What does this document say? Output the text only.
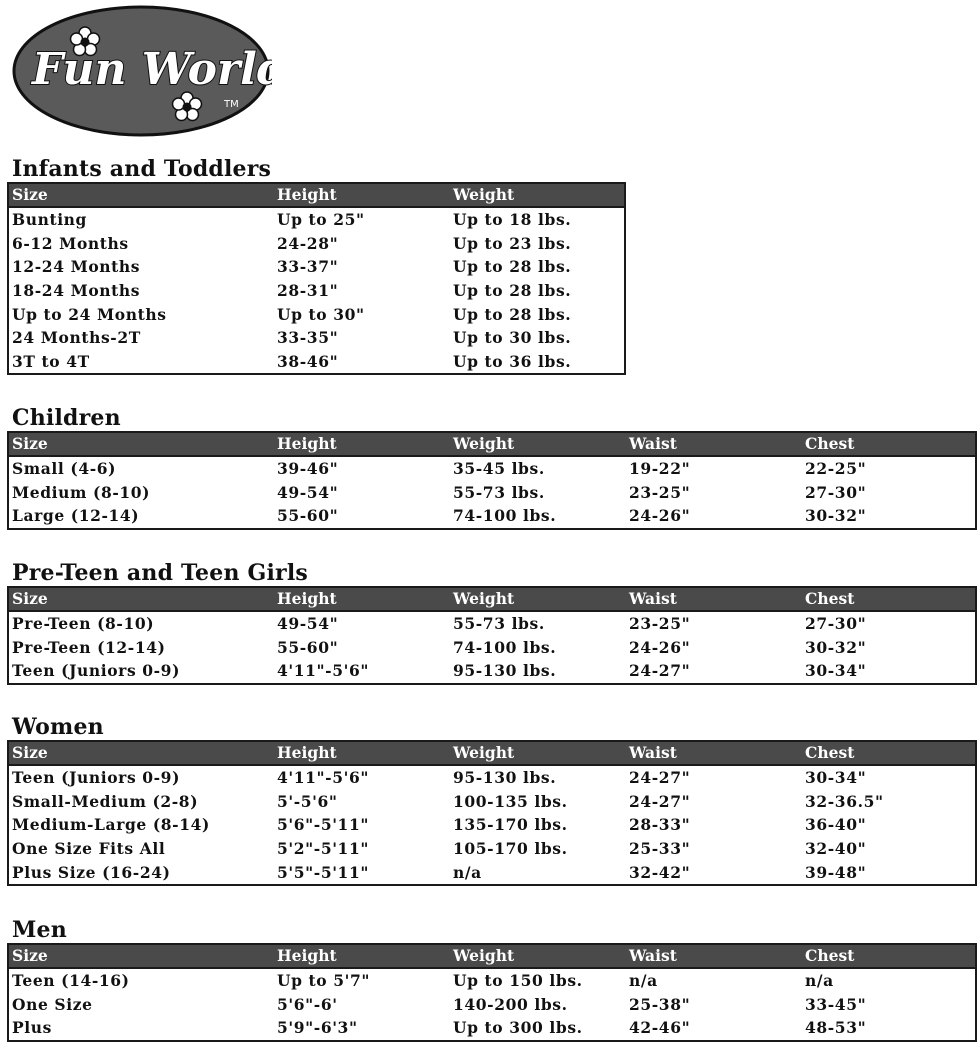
Fun World
TM
Infants and Toddlers
Size	Height	Weight
Bunting	Up to 25"	Up to 18 lbs.
6-12 Months	24-28"	Up to 23 lbs.
12-24 Months	33-37"	Up to 28 lbs.
18-24 Months	28-31"	Up to 28 lbs.
Up to 24 Months	Up to 30"	Up to 28 lbs.
24 Months-2T	33-35"	Up to 30 lbs.
3T to 4T	38-46"	Up to 36 lbs.
Children
Size	Height	Weight	Waist	Chest
Small (4-6)	39-46"	35-45 lbs.	19-22"	22-25"
Medium (8-10)	49-54"	55-73 lbs.	23-25"	27-30"
Large (12-14)	55-60"	74-100 lbs.	24-26"	30-32"
Pre-Teen and Teen Girls
Size	Height	Weight	Waist	Chest
Pre-Teen (8-10)	49-54"	55-73 lbs.	23-25"	27-30"
Pre-Teen (12-14)	55-60"	74-100 lbs.	24-26"	30-32"
Teen (Juniors 0-9)	4'11"-5'6"	95-130 lbs.	24-27"	30-34"
Women
Size	Height	Weight	Waist	Chest
Teen (Juniors 0-9)	4'11"-5'6"	95-130 lbs.	24-27"	30-34"
Small-Medium (2-8)	5'-5'6"	100-135 lbs.	24-27"	32-36.5"
Medium-Large (8-14)	5'6"-5'11"	135-170 lbs.	28-33"	36-40"
One Size Fits All	5'2"-5'11"	105-170 lbs.	25-33"	32-40"
Plus Size (16-24)	5'5"-5'11"	n/a	32-42"	39-48"
Men
Size	Height	Weight	Waist	Chest
Teen (14-16)	Up to 5'7"	Up to 150 lbs.	n/a	n/a
One Size	5'6"-6'	140-200 lbs.	25-38"	33-45"
Plus	5'9"-6'3"	Up to 300 lbs.	42-46"	48-53"
